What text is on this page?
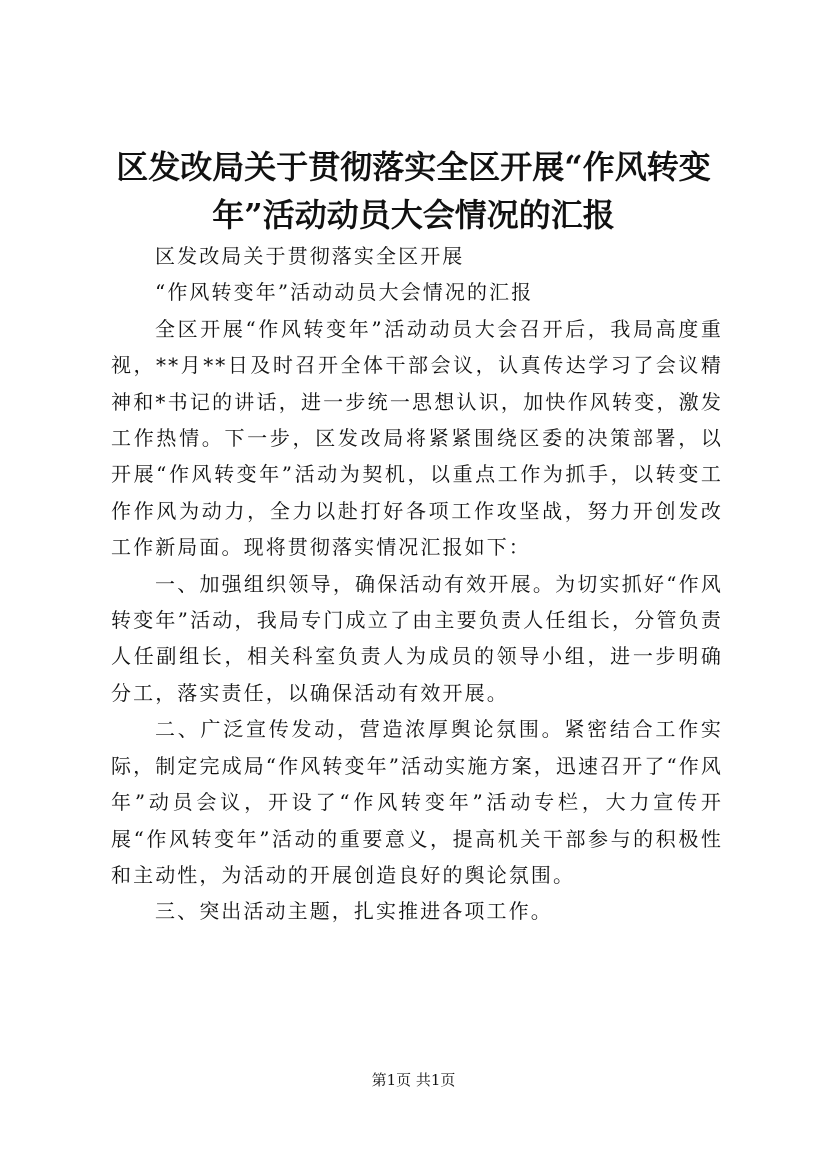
区发改局关于贯彻落实全区开展“作风转变年”活动动员大会情况的汇报

区发改局关于贯彻落实全区开展

“作风转变年”活动动员大会情况的汇报

全区开展“作风转变年”活动动员大会召开后，我局高度重视，**月**日及时召开全体干部会议，认真传达学习了会议精神和*书记的讲话，进一步统一思想认识，加快作风转变，激发工作热情。下一步，区发改局将紧紧围绕区委的决策部署，以开展“作风转变年”活动为契机，以重点工作为抓手，以转变工作作风为动力，全力以赴打好各项工作攻坚战，努力开创发改工作新局面。现将贯彻落实情况汇报如下：

一、加强组织领导，确保活动有效开展。为切实抓好“作风转变年”活动，我局专门成立了由主要负责人任组长，分管负责人任副组长，相关科室负责人为成员的领导小组，进一步明确分工，落实责任，以确保活动有效开展。

二、广泛宣传发动，营造浓厚舆论氛围。紧密结合工作实际，制定完成局“作风转变年”活动实施方案，迅速召开了“作风年”动员会议，开设了“作风转变年”活动专栏，大力宣传开展“作风转变年”活动的重要意义，提高机关干部参与的积极性和主动性，为活动的开展创造良好的舆论氛围。

三、突出活动主题，扎实推进各项工作。

第1页 共1页
